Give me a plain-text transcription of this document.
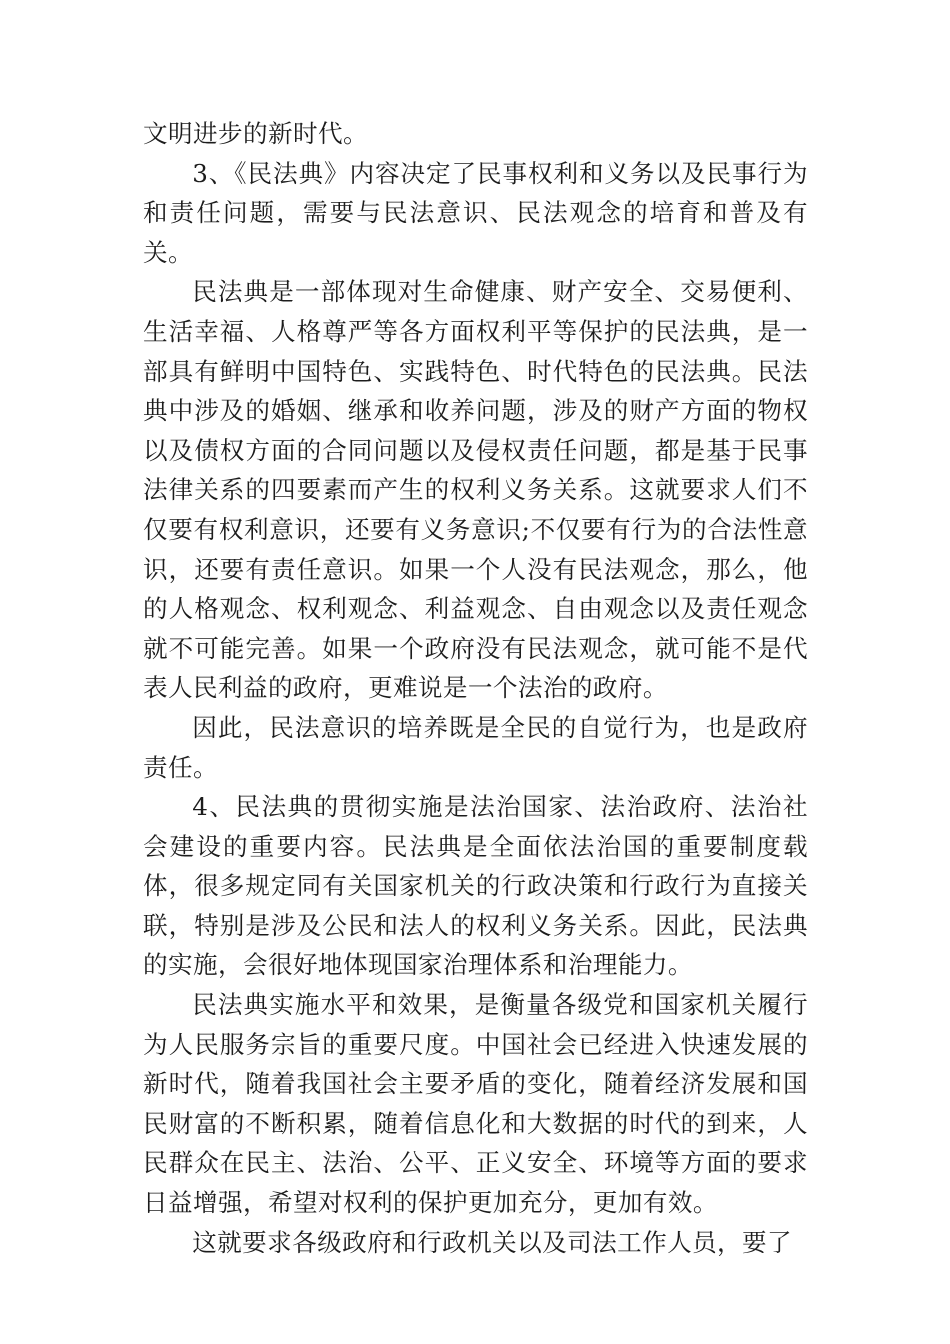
文明进步的新时代。

3、《民法典》内容决定了民事权利和义务以及民事行为和责任问题，需要与民法意识、民法观念的培育和普及有关。

民法典是一部体现对生命健康、财产安全、交易便利、生活幸福、人格尊严等各方面权利平等保护的民法典，是一部具有鲜明中国特色、实践特色、时代特色的民法典。民法典中涉及的婚姻、继承和收养问题，涉及的财产方面的物权以及债权方面的合同问题以及侵权责任问题，都是基于民事法律关系的四要素而产生的权利义务关系。这就要求人们不仅要有权利意识，还要有义务意识;不仅要有行为的合法性意识，还要有责任意识。如果一个人没有民法观念，那么，他的人格观念、权利观念、利益观念、自由观念以及责任观念就不可能完善。如果一个政府没有民法观念，就可能不是代表人民利益的政府，更难说是一个法治的政府。

因此，民法意识的培养既是全民的自觉行为，也是政府责任。

4、民法典的贯彻实施是法治国家、法治政府、法治社会建设的重要内容。民法典是全面依法治国的重要制度载体，很多规定同有关国家机关的行政决策和行政行为直接关联，特别是涉及公民和法人的权利义务关系。因此，民法典的实施，会很好地体现国家治理体系和治理能力。

民法典实施水平和效果，是衡量各级党和国家机关履行为人民服务宗旨的重要尺度。中国社会已经进入快速发展的新时代，随着我国社会主要矛盾的变化，随着经济发展和国民财富的不断积累，随着信息化和大数据的时代的到来，人民群众在民主、法治、公平、正义安全、环境等方面的要求日益增强，希望对权利的保护更加充分，更加有效。

这就要求各级政府和行政机关以及司法工作人员，要了
